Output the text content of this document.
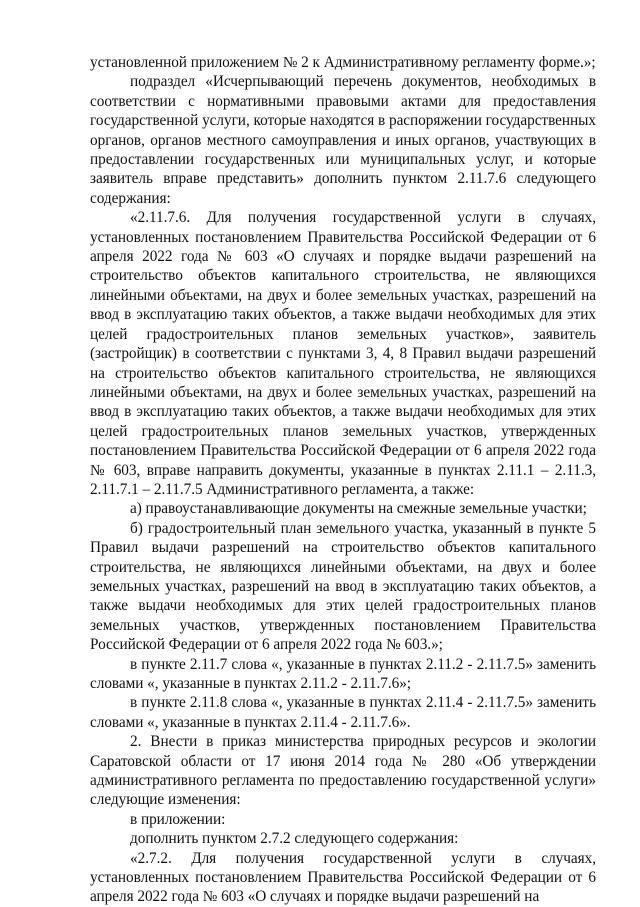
установленной приложением № 2 к Административному регламенту форме.»;

подраздел «Исчерпывающий перечень документов, необходимых в соответствии с нормативными правовыми актами для предоставления государственной услуги, которые находятся в распоряжении государственных органов, органов местного самоуправления и иных органов, участвующих в предоставлении государственных или муниципальных услуг, и которые заявитель вправе представить» дополнить пунктом 2.11.7.6 следующего содержания:

«2.11.7.6. Для получения государственной услуги в случаях, установленных постановлением Правительства Российской Федерации от 6 апреля 2022 года № 603 «О случаях и порядке выдачи разрешений на строительство объектов капитального строительства, не являющихся линейными объектами, на двух и более земельных участках, разрешений на ввод в эксплуатацию таких объектов, а также выдачи необходимых для этих целей градостроительных планов земельных участков», заявитель (застройщик) в соответствии с пунктами 3, 4, 8 Правил выдачи разрешений на строительство объектов капитального строительства, не являющихся линейными объектами, на двух и более земельных участках, разрешений на ввод в эксплуатацию таких объектов, а также выдачи необходимых для этих целей градостроительных планов земельных участков, утвержденных постановлением Правительства Российской Федерации от 6 апреля 2022 года № 603, вправе направить документы, указанные в пунктах 2.11.1 – 2.11.3, 2.11.7.1 – 2.11.7.5 Административного регламента, а также:

а) правоустанавливающие документы на смежные земельные участки;

б) градостроительный план земельного участка, указанный в пункте 5 Правил выдачи разрешений на строительство объектов капитального строительства, не являющихся линейными объектами, на двух и более земельных участках, разрешений на ввод в эксплуатацию таких объектов, а также выдачи необходимых для этих целей градостроительных планов земельных участков, утвержденных постановлением Правительства Российской Федерации от 6 апреля 2022 года № 603.»;

в пункте 2.11.7 слова «, указанные в пунктах 2.11.2 - 2.11.7.5» заменить словами «, указанные в пунктах 2.11.2 - 2.11.7.6»;

в пункте 2.11.8 слова «, указанные в пунктах 2.11.4 - 2.11.7.5» заменить словами «, указанные в пунктах 2.11.4 - 2.11.7.6».

2. Внести в приказ министерства природных ресурсов и экологии Саратовской области от 17 июня 2014 года № 280 «Об утверждении административного регламента по предоставлению государственной услуги» следующие изменения:

в приложении:

дополнить пунктом 2.7.2 следующего содержания:

«2.7.2. Для получения государственной услуги в случаях, установленных постановлением Правительства Российской Федерации от 6 апреля 2022 года № 603 «О случаях и порядке выдачи разрешений на
